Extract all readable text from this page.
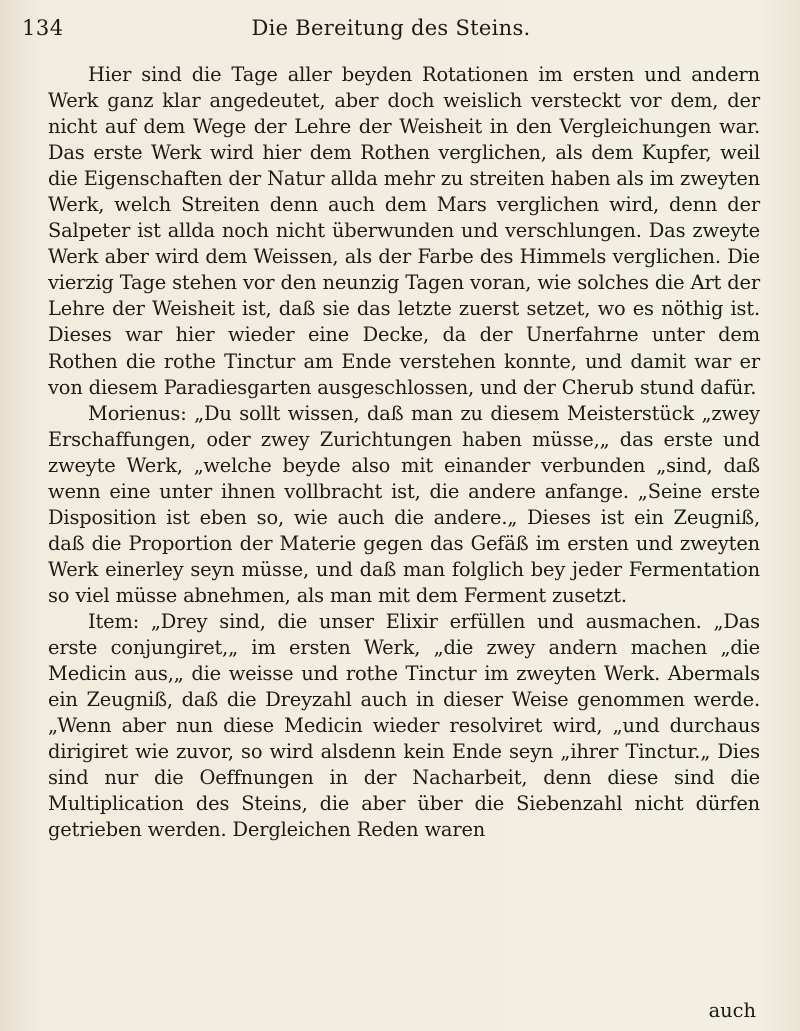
134	Die Bereitung des Steins.

Hier sind die Tage aller beyden Rotationen im ersten und andern Werk ganz klar angedeutet, aber doch weislich versteckt vor dem, der nicht auf dem Wege der Lehre der Weisheit in den Vergleichungen war. Das erste Werk wird hier dem Rothen verglichen, als dem Kupfer, weil die Eigenschaften der Natur allda mehr zu streiten haben als im zweyten Werk, welch Streiten denn auch dem Mars verglichen wird, denn der Salpeter ist allda noch nicht überwunden und verschlungen. Das zweyte Werk aber wird dem Weissen, als der Farbe des Himmels verglichen. Die vierzig Tage stehen vor den neunzig Tagen voran, wie solches die Art der Lehre der Weisheit ist, daß sie das letzte zuerst setzet, wo es nöthig ist. Dieses war hier wieder eine Decke, da der Unerfahrne unter dem Rothen die rothe Tinctur am Ende verstehen konnte, und damit war er von diesem Paradiesgarten ausgeschlossen, und der Cherub stund dafür.

Morienus: „Du sollt wissen, daß man zu diesem Meisterstück „zwey Erschaffungen, oder zwey Zurichtungen haben müsse,„ das erste und zweyte Werk, „welche beyde also mit einander verbunden „sind, daß wenn eine unter ihnen vollbracht ist, die andere anfange. „Seine erste Disposition ist eben so, wie auch die andere.„ Dieses ist ein Zeugniß, daß die Proportion der Materie gegen das Gefäß im ersten und zweyten Werk einerley seyn müsse, und daß man folglich bey jeder Fermentation so viel müsse abnehmen, als man mit dem Ferment zusetzt.

Item: „Drey sind, die unser Elixir erfüllen und ausmachen. „Das erste conjungiret,„ im ersten Werk, „die zwey andern machen „die Medicin aus,„ die weisse und rothe Tinctur im zweyten Werk. Abermals ein Zeugniß, daß die Dreyzahl auch in dieser Weise genommen werde. „Wenn aber nun diese Medicin wieder resolviret wird, „und durchaus dirigiret wie zuvor, so wird alsdenn kein Ende seyn „ihrer Tinctur.„ Dies sind nur die Oeffnungen in der Nacharbeit, denn diese sind die Multiplication des Steins, die aber über die Siebenzahl nicht dürfen getrieben werden. Dergleichen Reden waren

auch
